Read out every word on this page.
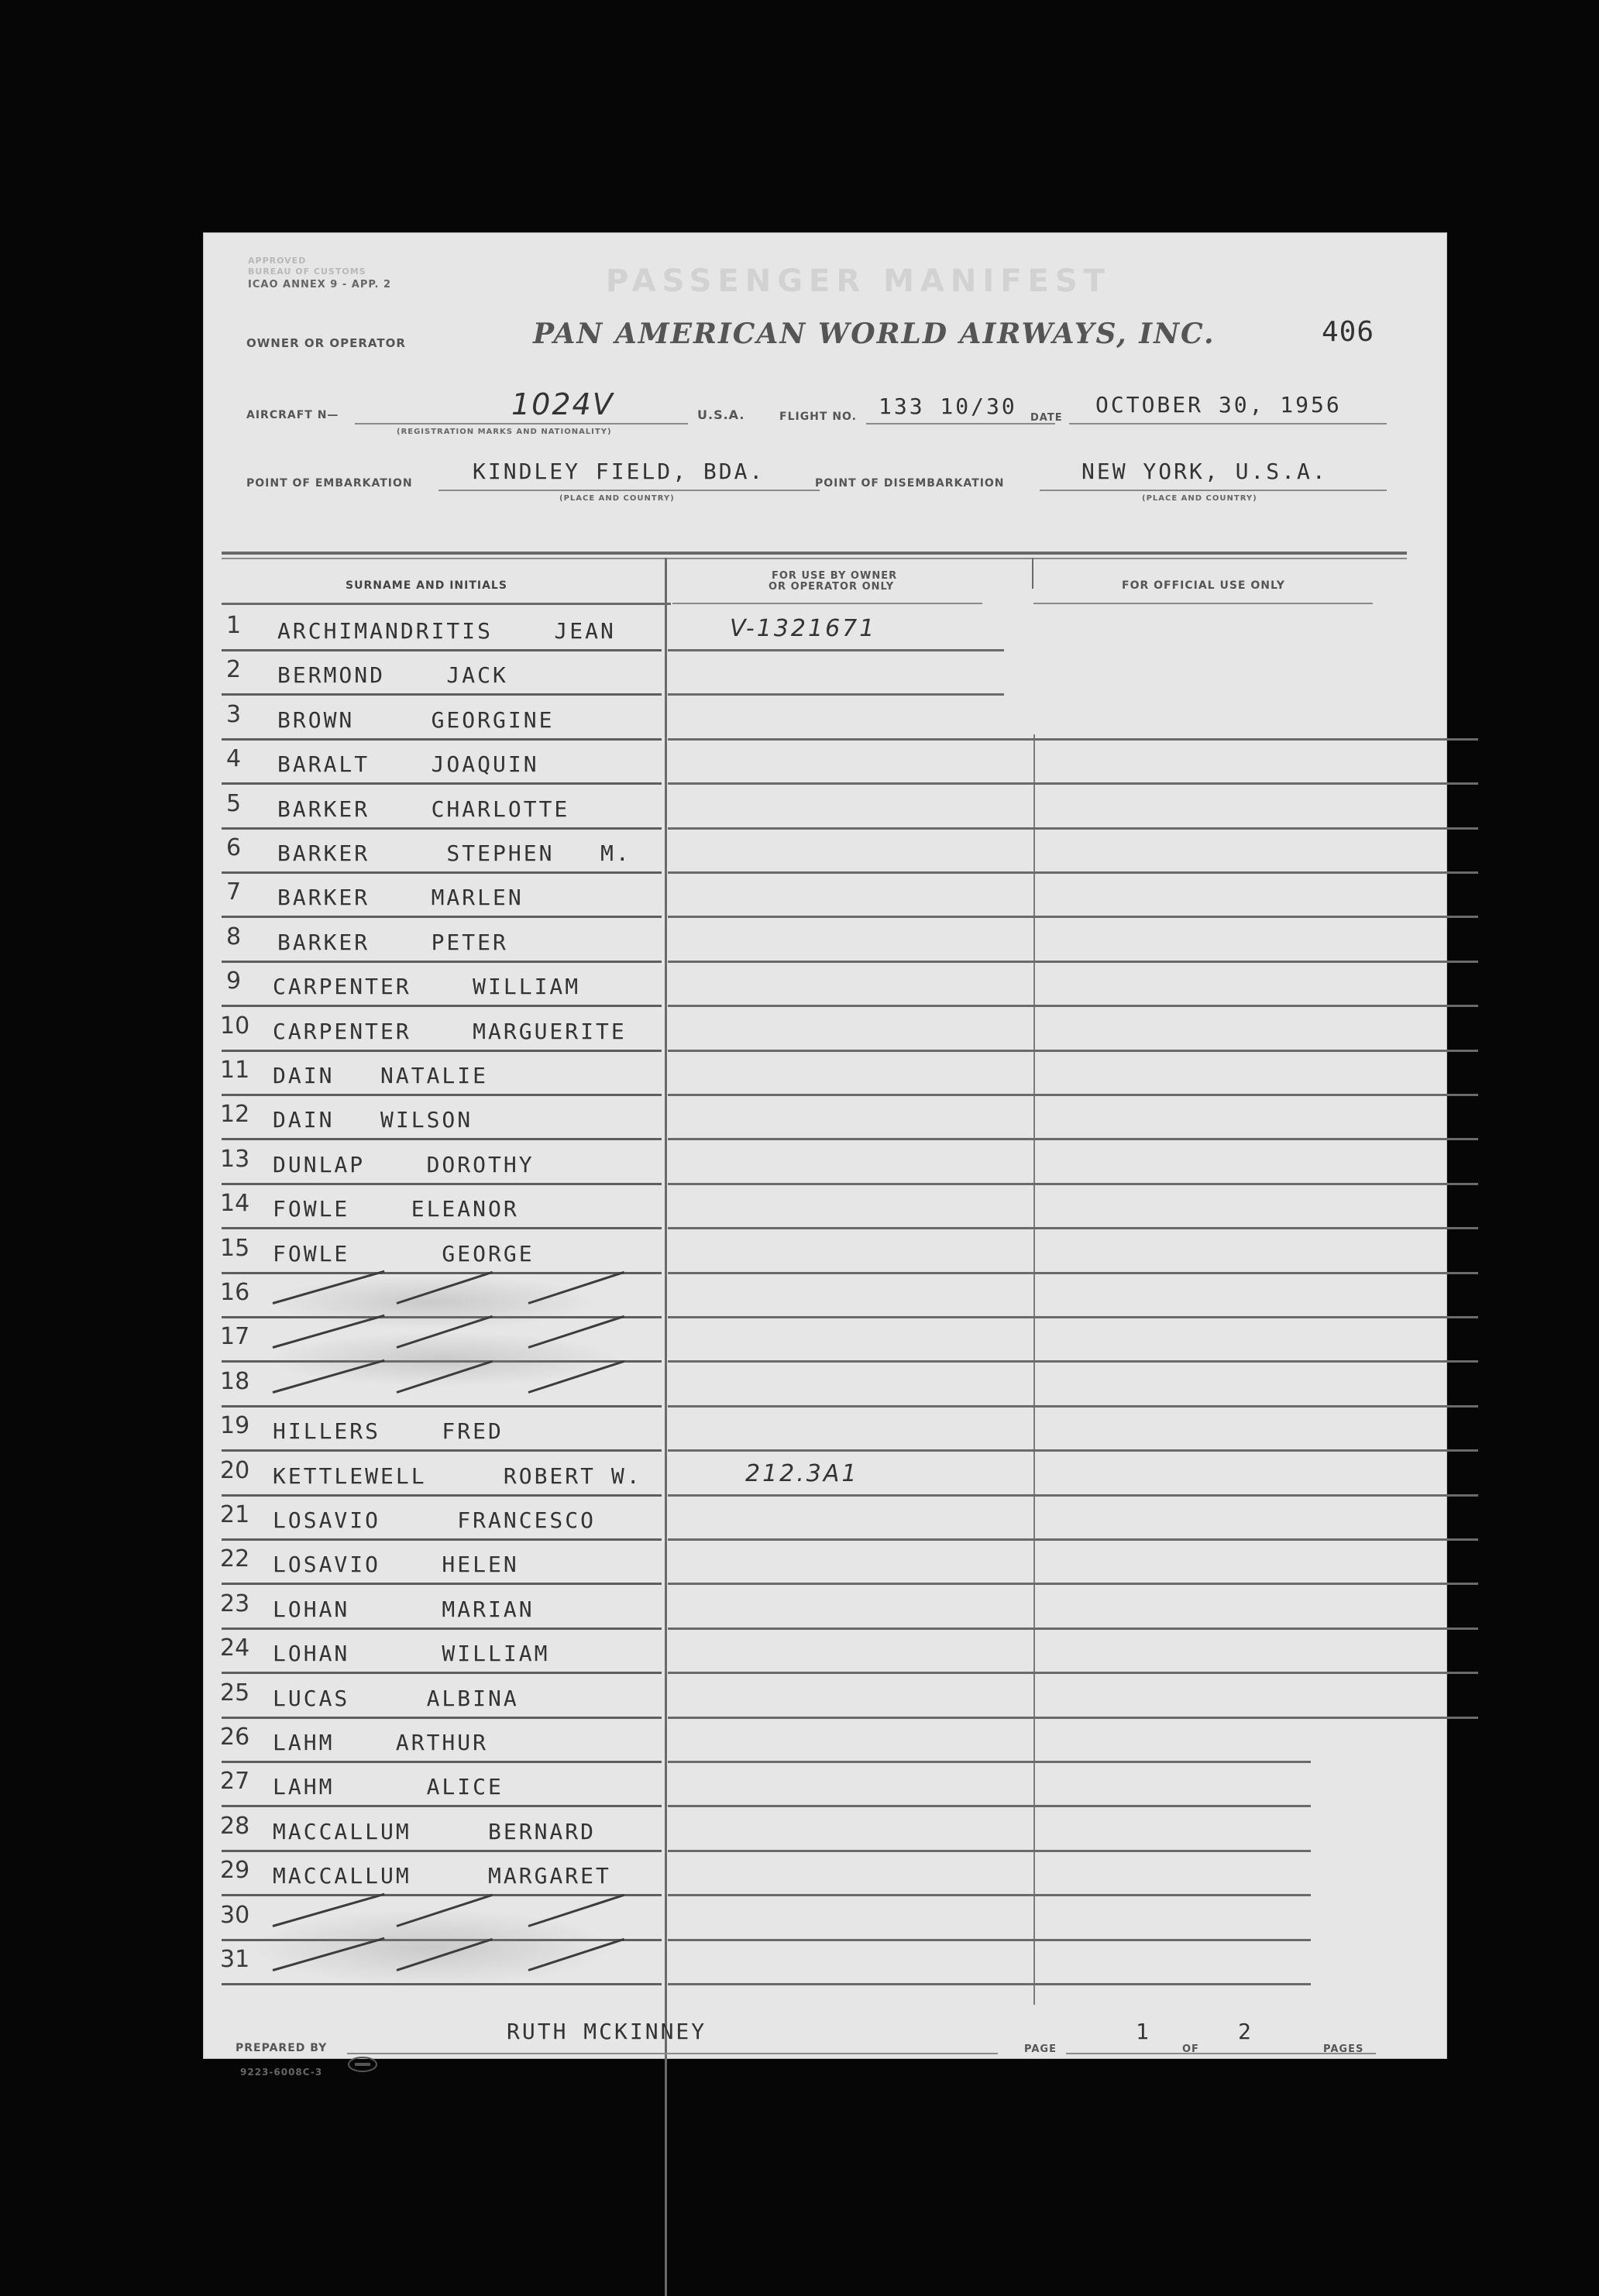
APPROVED
BUREAU OF CUSTOMS
ICAO ANNEX 9 - APP. 2	PASSENGER MANIFEST
OWNER OR OPERATOR	PAN AMERICAN WORLD AIRWAYS, INC.	406
AIRCRAFT N—	1024V
(REGISTRATION MARKS AND NATIONALITY)
U.S.A.	FLIGHT NO. 133 10/30 DATE
OCTOBER 30, 1956
POINT OF EMBARKATION	KINDLEY FIELD, BDA.
(PLACE AND COUNTRY)
POINT OF DISEMBARKATION	NEW YORK, U.S.A.
(PLACE AND COUNTRY)
SURNAME AND INITIALS
FOR USE BY OWNER
OR OPERATOR ONLY	FOR OFFICIAL USE ONLY
1 ARCHIMANDRITIS    JEAN	V-1321671
2 BERMOND    JACK
3 BROWN     GEORGINE
4 BARALT    JOAQUIN
5 BARKER    CHARLOTTE
6 BARKER     STEPHEN   M.
7 BARKER    MARLEN
8 BARKER    PETER
9 CARPENTER    WILLIAM
10 CARPENTER    MARGUERITE
11 DAIN   NATALIE
12 DAIN   WILSON
13 DUNLAP    DOROTHY
14 FOWLE    ELEANOR
15 FOWLE      GEORGE
16
17
18
19 HILLERS    FRED
20 KETTLEWELL     ROBERT W.	212.3A1
21 LOSAVIO     FRANCESCO
22 LOSAVIO    HELEN
23 LOHAN      MARIAN
24 LOHAN      WILLIAM
25 LUCAS     ALBINA
26 LAHM    ARTHUR
27 LAHM      ALICE
28 MACCALLUM     BERNARD
29 MACCALLUM     MARGARET
30
31
PREPARED BY
RUTH MCKINNEY
PAGE
1
OF
2
PAGES
9223-6008C-3
